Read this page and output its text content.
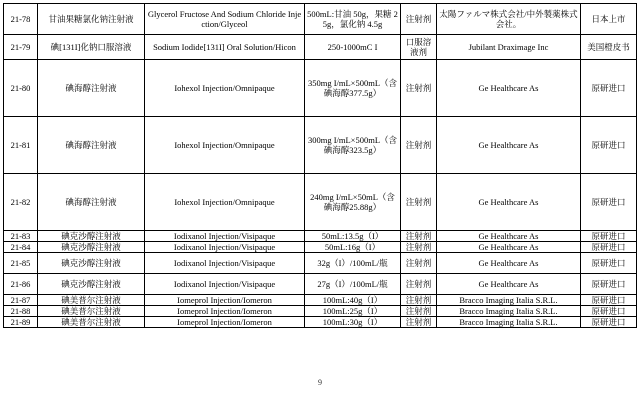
21-78	甘油果糖氯化钠注射液	Glycerol Fructose And Sodium Chloride Injection/Glyceol	500mL:甘油 50g，果糖 25g，氯化钠 4.5g	注射剂	太陽ファルマ株式会社/中外製薬株式会社。	日本上市
21-79	碘[131I]化钠口服溶液	Sodium Iodide[131I] Oral Solution/Hicon	250-1000mC I	口服溶液剂	Jubilant Draximage Inc	美国橙皮书
21-80	碘海醇注射液	Iohexol Injection/Omnipaque	350mg I/mL×500mL（含碘海醇377.5g）	注射剂	Ge Healthcare As	原研进口
21-81	碘海醇注射液	Iohexol Injection/Omnipaque	300mg I/mL×500mL（含碘海醇323.5g）	注射剂	Ge Healthcare As	原研进口
21-82	碘海醇注射液	Iohexol Injection/Omnipaque	240mg I/mL×50mL（含碘海醇25.88g）	注射剂	Ge Healthcare As	原研进口
21-83	碘克沙醇注射液	Iodixanol Injection/Visipaque	50mL:13.5g（I）	注射剂	Ge Healthcare As	原研进口
21-84	碘克沙醇注射液	Iodixanol Injection/Visipaque	50mL:16g（I）	注射剂	Ge Healthcare As	原研进口
21-85	碘克沙醇注射液	Iodixanol Injection/Visipaque	32g（I）/100mL/瓶	注射剂	Ge Healthcare As	原研进口
21-86	碘克沙醇注射液	Iodixanol Injection/Visipaque	27g（I）/100mL/瓶	注射剂	Ge Healthcare As	原研进口
21-87	碘美普尔注射液	Iomeprol Injection/Iomeron	100mL:40g（I）	注射剂	Bracco Imaging Italia S.R.L.	原研进口
21-88	碘美普尔注射液	Iomeprol Injection/Iomeron	100mL:25g（I）	注射剂	Bracco Imaging Italia S.R.L.	原研进口
21-89	碘美普尔注射液	Iomeprol Injection/Iomeron	100mL:30g（I）	注射剂	Bracco Imaging Italia S.R.L.	原研进口
9
